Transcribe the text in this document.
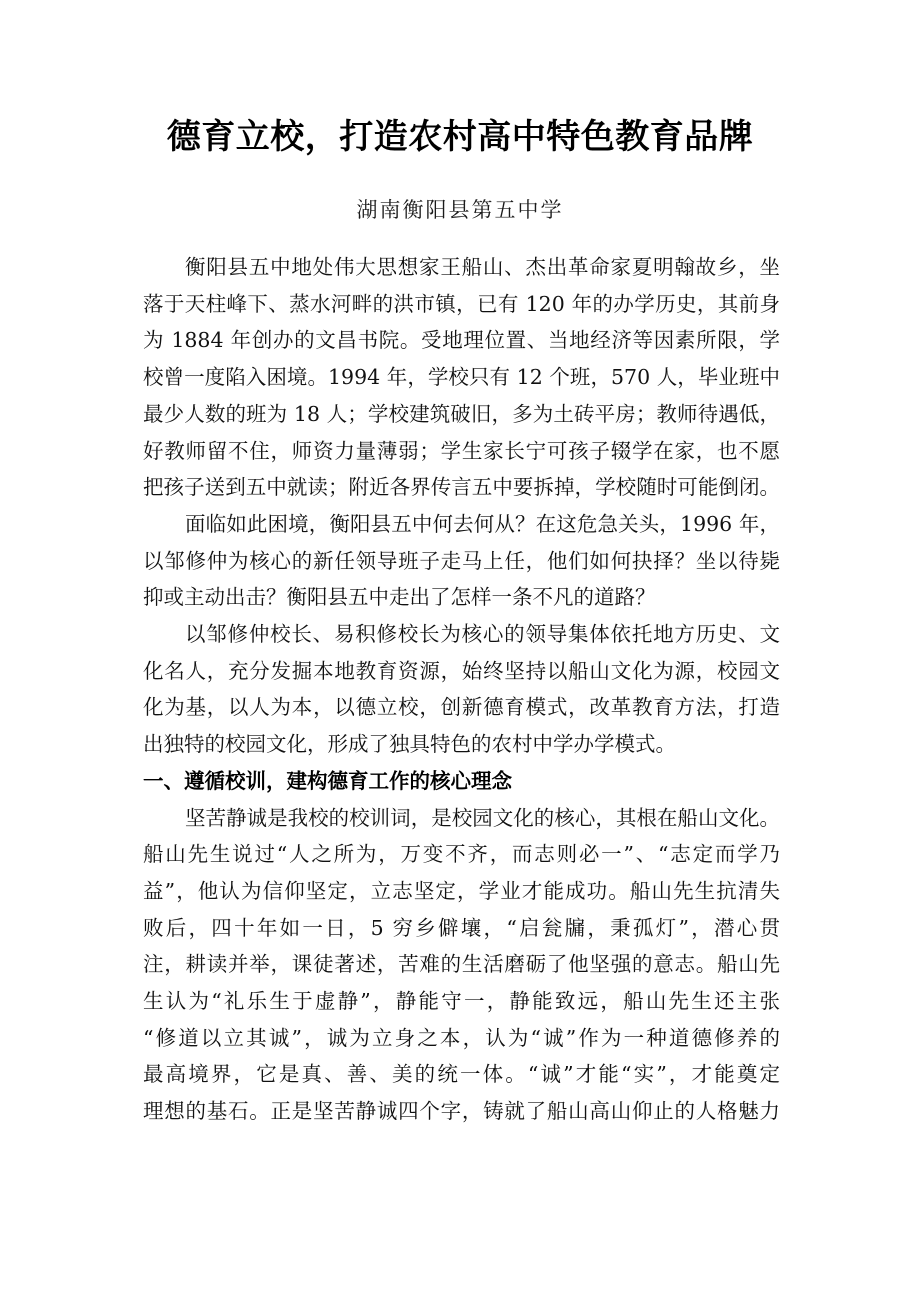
德育立校，打造农村高中特色教育品牌
湖南衡阳县第五中学
衡阳县五中地处伟大思想家王船山、杰出革命家夏明翰故乡，坐
落于天柱峰下、蒸水河畔的洪市镇，已有 120 年的办学历史，其前身
为 1884 年创办的文昌书院。受地理位置、当地经济等因素所限，学
校曾一度陷入困境。1994 年，学校只有 12 个班，570 人，毕业班中
最少人数的班为 18 人；学校建筑破旧，多为土砖平房；教师待遇低，
好教师留不住，师资力量薄弱；学生家长宁可孩子辍学在家，也不愿
把孩子送到五中就读；附近各界传言五中要拆掉，学校随时可能倒闭。
面临如此困境，衡阳县五中何去何从？在这危急关头，1996 年，
以邹修仲为核心的新任领导班子走马上任，他们如何抉择？坐以待毙
抑或主动出击？衡阳县五中走出了怎样一条不凡的道路？
以邹修仲校长、易积修校长为核心的领导集体依托地方历史、文
化名人，充分发掘本地教育资源，始终坚持以船山文化为源，校园文
化为基，以人为本，以德立校，创新德育模式，改革教育方法，打造
出独特的校园文化，形成了独具特色的农村中学办学模式。
一、遵循校训，建构德育工作的核心理念
坚苦静诚是我校的校训词，是校园文化的核心，其根在船山文化。
船山先生说过“人之所为，万变不齐，而志则必一”、“志定而学乃
益”，他认为信仰坚定，立志坚定，学业才能成功。船山先生抗清失
败后，四十年如一日，5 穷乡僻壤，“启瓮牖，秉孤灯”，潜心贯
注，耕读并举，课徒著述，苦难的生活磨砺了他坚强的意志。船山先
生认为“礼乐生于虚静”，静能守一，静能致远，船山先生还主张
“修道以立其诚”，诚为立身之本，认为“诚”作为一种道德修养的
最高境界，它是真、善、美的统一体。“诚”才能“实”，才能奠定
理想的基石。正是坚苦静诚四个字，铸就了船山高山仰止的人格魅力
